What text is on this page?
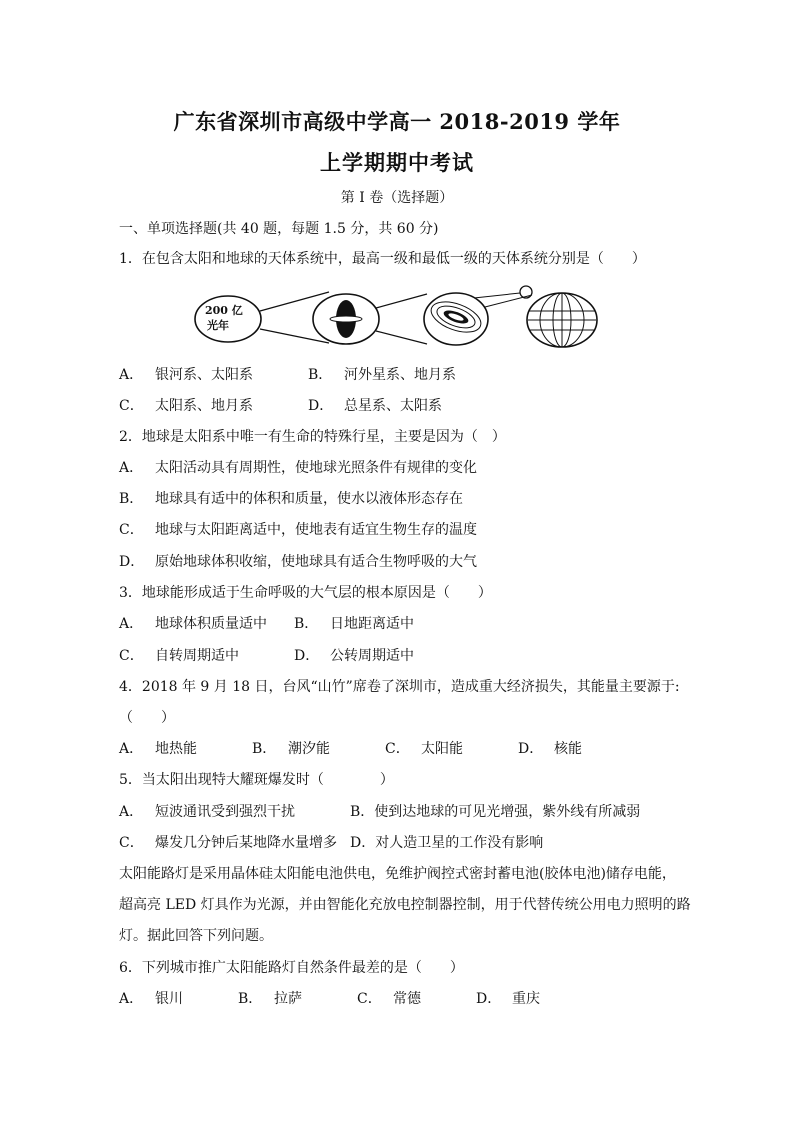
广东省深圳市高级中学高一 2018-2019 学年
上学期期中考试
第 I 卷（选择题）
一、单项选择题(共 40 题，每题 1.5 分，共 60 分)
1．在包含太阳和地球的天体系统中，最高一级和最低一级的天体系统分别是（　　）
200 亿
光年
A． 银河系、太阳系	B． 河外星系、地月系
C． 太阳系、地月系	D． 总星系、太阳系
2．地球是太阳系中唯一有生命的特殊行星，主要是因为（　）
A． 太阳活动具有周期性，使地球光照条件有规律的变化
B． 地球具有适中的体积和质量，使水以液体形态存在
C． 地球与太阳距离适中，使地表有适宜生物生存的温度
D． 原始地球体积收缩，使地球具有适合生物呼吸的大气
3．地球能形成适于生命呼吸的大气层的根本原因是（　　）
A． 地球体积质量适中 B． 日地距离适中
C． 自转周期适中	D． 公转周期适中
4．2018 年 9 月 18 日，台风“山竹”席卷了深圳市，造成重大经济损失，其能量主要源于:
（　　）
A． 地热能	B． 潮汐能	C． 太阳能	D． 核能
5．当太阳出现特大耀斑爆发时（　　　　）
A． 短波通讯受到强烈干扰	B．使到达地球的可见光增强，紫外线有所减弱
C． 爆发几分钟后某地降水量增多 D．对人造卫星的工作没有影响
太阳能路灯是采用晶体硅太阳能电池供电，免维护阀控式密封蓄电池(胶体电池)储存电能，
超高亮 LED 灯具作为光源，并由智能化充放电控制器控制，用于代替传统公用电力照明的路
灯。据此回答下列问题。
6．下列城市推广太阳能路灯自然条件最差的是（　　）
A． 银川	B． 拉萨	C． 常德	D． 重庆
